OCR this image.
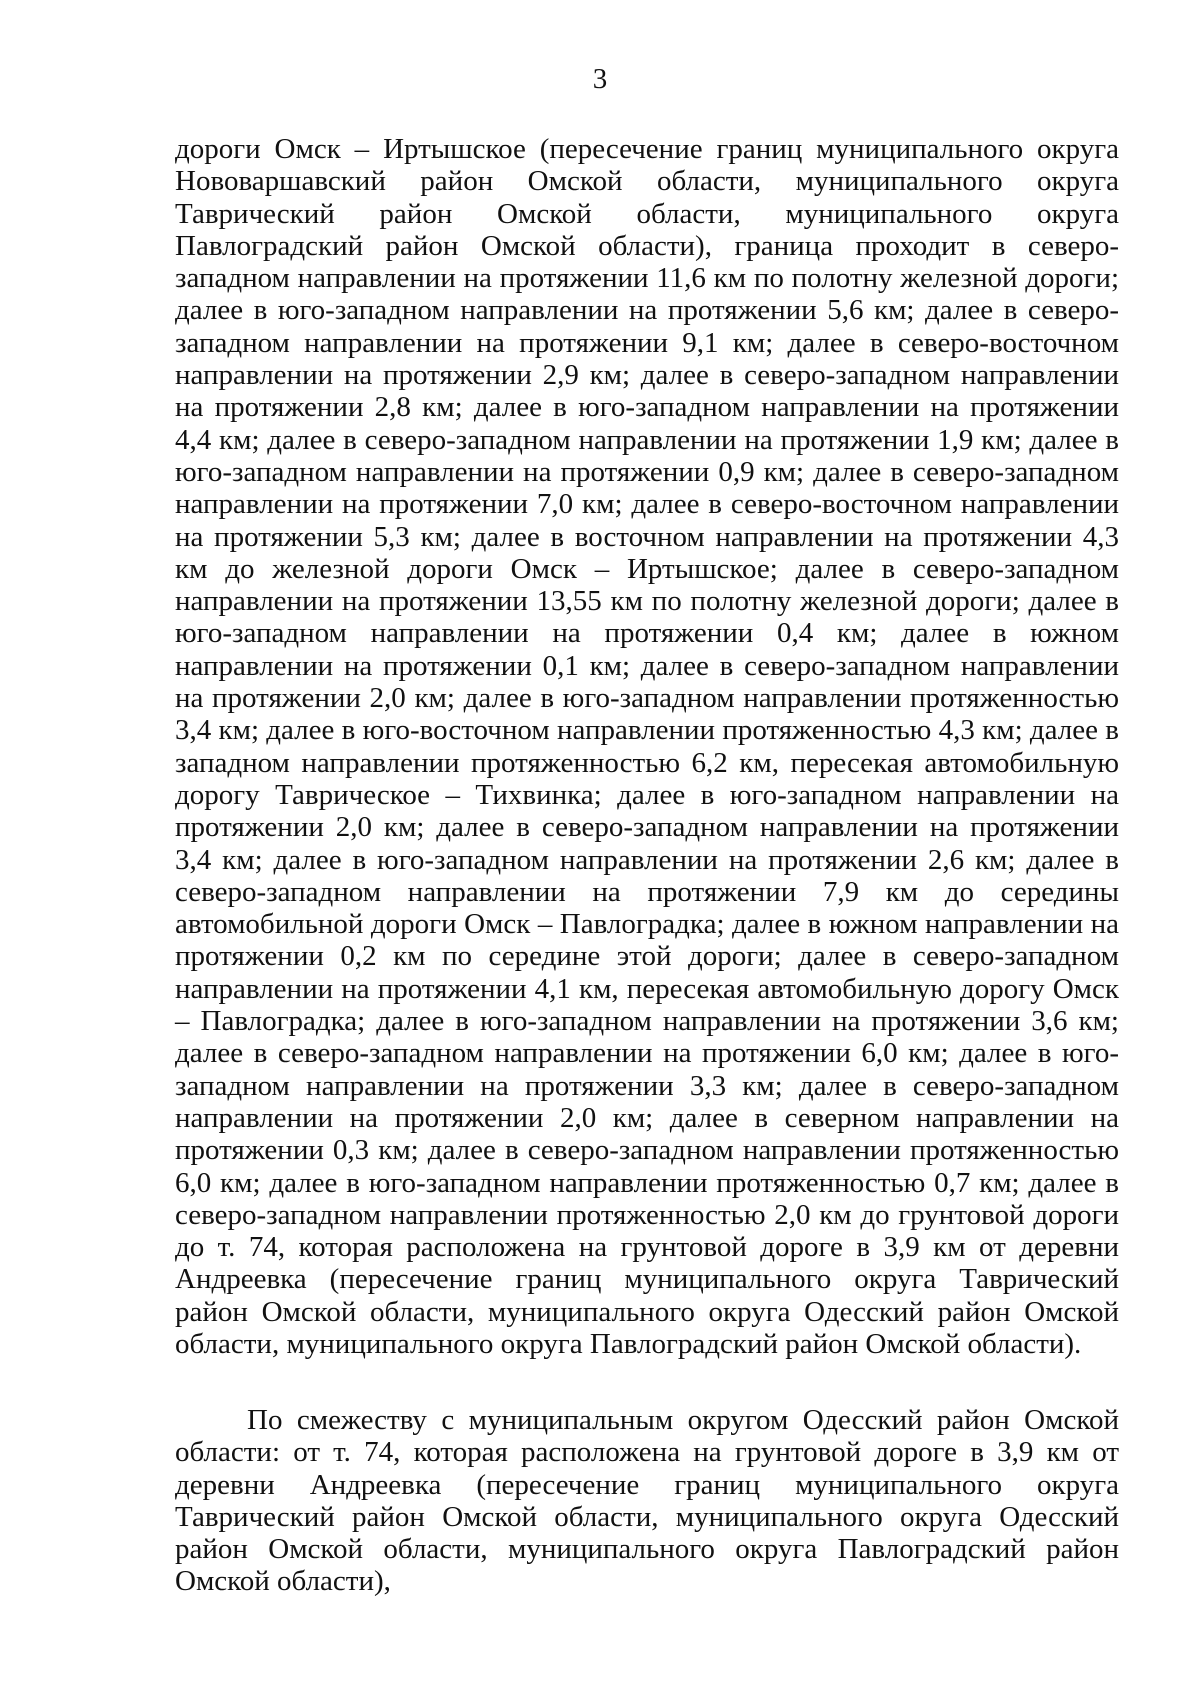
3

дороги Омск – Иртышское (пересечение границ муниципального округа Нововаршавский район Омской области, муниципального округа Таврический район Омской области, муниципального округа Павлоградский район Омской области), граница проходит в северо-западном направлении на протяжении 11,6 км по полотну железной дороги; далее в юго-западном направлении на протяжении 5,6 км; далее в северо-западном направлении на протяжении 9,1 км; далее в северо-восточном направлении на протяжении 2,9 км; далее в северо-западном направлении на протяжении 2,8 км; далее в юго-западном направлении на протяжении 4,4 км; далее в северо-западном направлении на протяжении 1,9 км; далее в юго-западном направлении на протяжении 0,9 км; далее в северо-западном направлении на протяжении 7,0 км; далее в северо-восточном направлении на протяжении 5,3 км; далее в восточном направлении на протяжении 4,3 км до железной дороги Омск – Иртышское; далее в северо-западном направлении на протяжении 13,55 км по полотну железной дороги; далее в юго-западном направлении на протяжении 0,4 км; далее в южном направлении на протяжении 0,1 км; далее в северо-западном направлении на протяжении 2,0 км; далее в юго-западном направлении протяженностью 3,4 км; далее в юго-восточном направлении протяженностью 4,3 км; далее в западном направлении протяженностью 6,2 км, пересекая автомобильную дорогу Таврическое – Тихвинка; далее в юго-западном направлении на протяжении 2,0 км; далее в северо-западном направлении на протяжении 3,4 км; далее в юго-западном направлении на протяжении 2,6 км; далее в северо-западном направлении на протяжении 7,9 км до середины автомобильной дороги Омск – Павлоградка; далее в южном направлении на протяжении 0,2 км по середине этой дороги; далее в северо-западном направлении на протяжении 4,1 км, пересекая автомобильную дорогу Омск – Павлоградка; далее в юго-западном направлении на протяжении 3,6 км; далее в северо-западном направлении на протяжении 6,0 км; далее в юго-западном направлении на протяжении 3,3 км; далее в северо-западном направлении на протяжении 2,0 км; далее в северном направлении на протяжении 0,3 км; далее в северо-западном направлении протяженностью 6,0 км; далее в юго-западном направлении протяженностью 0,7 км; далее в северо-западном направлении протяженностью 2,0 км до грунтовой дороги до т. 74, которая расположена на грунтовой дороге в 3,9 км от деревни Андреевка (пересечение границ муниципального округа Таврический район Омской области, муниципального округа Одесский район Омской области, муниципального округа Павлоградский район Омской области).

По смежеству с муниципальным округом Одесский район Омской области: от т. 74, которая расположена на грунтовой дороге в 3,9 км от деревни Андреевка (пересечение границ муниципального округа Таврический район Омской области, муниципального округа Одесский район Омской области, муниципального округа Павлоградский район Омской области),
